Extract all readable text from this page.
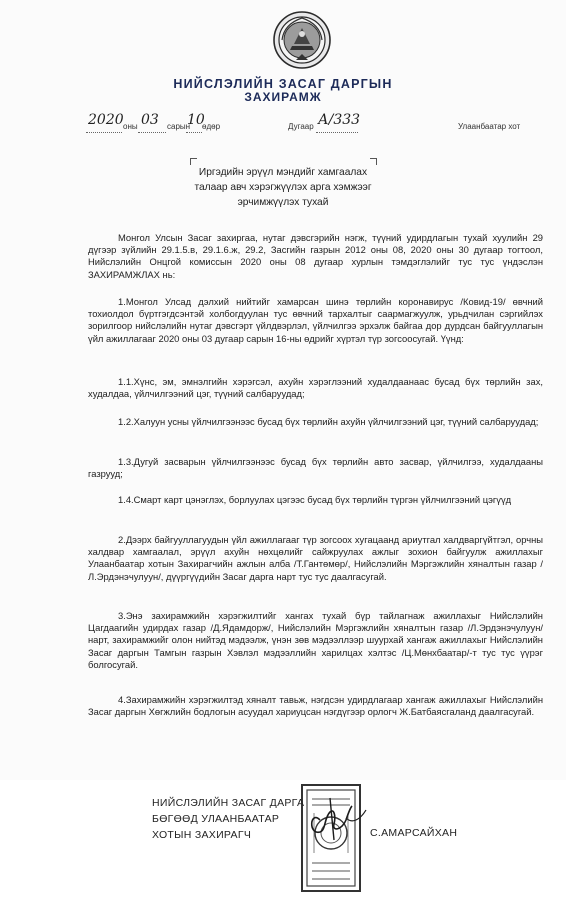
НИЙСЛЭЛИЙН ЗАСАГ ДАРГЫН
ЗАХИРАМЖ
2020 оны 03 сарын
10
өдөр	Дугаар А/333	Улаанбаатар хот
Иргэдийн эрүүл мэндийг хамгаалах
талаар авч хэрэгжүүлэх арга хэмжээг
эрчимжүүлэх тухай

Монгол Улсын Засаг захиргаа, нутаг дэвсгэрийн нэгж, түүний удирдлагын тухай хуулийн 29 дүгээр зүйлийн 29.1.5.в, 29.1.6.ж, 29.2, Засгийн газрын 2012 оны 08, 2020 оны 30 дугаар тогтоол, Нийслэлийн Онцгой комиссын 2020 оны 08 дугаар хурлын тэмдэглэлийг тус тус үндэслэн ЗАХИРАМЖЛАХ нь:

1.Монгол Улсад дэлхий нийтийг хамарсан шинэ төрлийн коронавирус /Ковид-19/ өвчний тохиолдол бүртгэгдсэнтэй холбогдуулан тус өвчний тархалтыг саармагжуулж, урьдчилан сэргийлэх зорилгоор нийслэлийн нутаг дэвсгэрт үйлдвэрлэл, үйлчилгээ эрхэлж байгаа дор дурдсан байгууллагын үйл ажиллагааг 2020 оны 03 дугаар сарын 16-ны өдрийг хүртэл түр зогсоосугай. Үүнд:

1.1.Хүнс, эм, эмнэлгийн хэрэгсэл, ахуйн хэрэглээний худалдаанаас бусад бүх төрлийн зах, худалдаа, үйлчилгээний цэг, түүний салбаруудад;

1.2.Халуун усны үйлчилгээнээс бусад бүх төрлийн ахуйн үйлчилгээний цэг, түүний салбаруудад;

1.3.Дугуй засварын үйлчилгээнээс бусад бүх төрлийн авто засвар, үйлчилгээ, худалдааны газрууд;

1.4.Смарт карт цэнэглэх, борлуулах цэгээс бусад бүх төрлийн түргэн үйлчилгээний цэгүүд

2.Дээрх байгууллагуудын үйл ажиллагааг түр зогсоох хугацаанд ариутгал халдваргүйтгэл, орчны халдвар хамгаалал, эрүүл ахуйн нөхцөлийг сайжруулах ажлыг зохион байгуулж ажиллахыг Улаанбаатар хотын Захирагчийн ажлын алба /Т.Гантөмөр/, Нийслэлийн Мэргэжлийн хяналтын газар /Л.Эрдэнэчулуун/, дүүргүүдийн Засаг дарга нарт тус тус даалгасугай.

3.Энэ захирамжийн хэрэгжилтийг хангах тухай бүр тайлагнаж ажиллахыг Нийслэлийн Цагдаагийн удирдах газар /Д.Ядамдорж/, Нийслэлийн Мэргэжлийн хяналтын газар /Л.Эрдэнэчулуун/ нарт, захирамжийг олон нийтэд мэдээлж, үнэн зөв мэдээллээр шуурхай хангаж ажиллахыг Нийслэлийн Засаг даргын Тамгын газрын Хэвлэл мэдээллийн харилцах хэлтэс /Ц.Мөнхбаатар/-т тус тус үүрэг болгосугай.

4.Захирамжийн хэрэгжилтэд хяналт тавьж, нэгдсэн удирдлагаар хангаж ажиллахыг Нийслэлийн Засаг даргын Хөгжлийн бодлогын асуудал хариуцсан нэгдүгээр орлогч Ж.Батбаясгаланд даалгасугай.

НИЙСЛЭЛИЙН ЗАСАГ ДАРГА
БӨГӨӨД УЛААНБААТАР
ХОТЫН ЗАХИРАГЧ	С.АМАРСАЙХАН
